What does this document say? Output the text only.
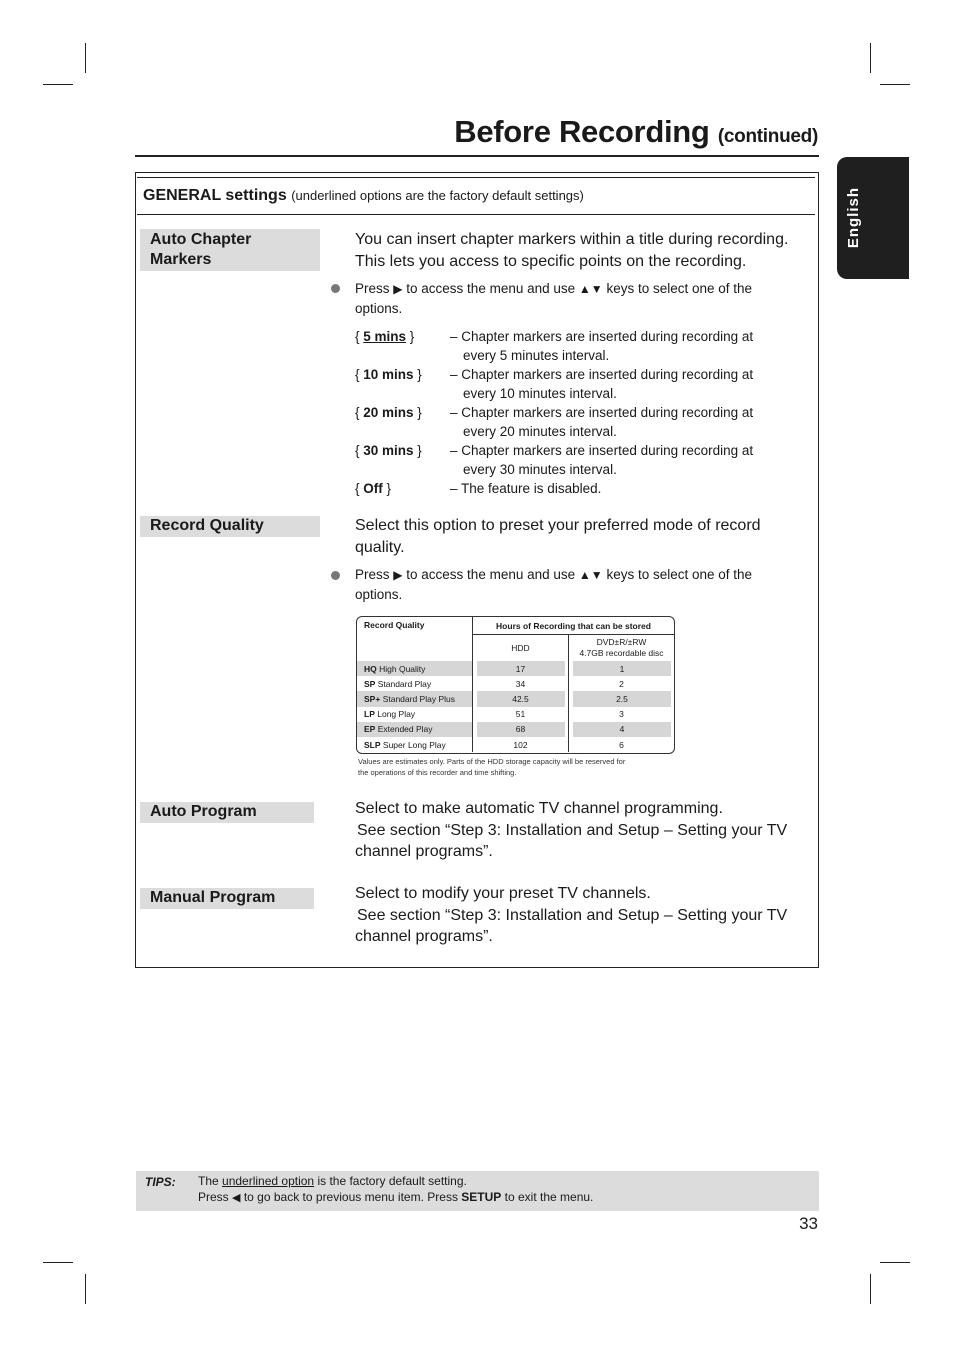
Before Recording (continued)
English
GENERAL settings (underlined options are the factory default settings)
Auto Chapter
Markers
You can insert chapter markers within a title during recording.
This lets you access to specific points on the recording.
Press ▶ to access the menu and use ▲▼ keys to select one of the
options.
{ 5 mins }	– Chapter markers are inserted during recording at
every 5 minutes interval.
{ 10 mins } – Chapter markers are inserted during recording at
every 10 minutes interval.
{ 20 mins } – Chapter markers are inserted during recording at
every 20 minutes interval.
{ 30 mins } – Chapter markers are inserted during recording at
every 30 minutes interval.
{ Off }	– The feature is disabled.
Record Quality	Select this option to preset your preferred mode of record
quality.
Press ▶ to access the menu and use ▲▼ keys to select one of the
options.
Record Quality	Hours of Recording that can be stored	
	HDD	DVD±R/±RW
4.7GB recordable disc
HQ High Quality	17	1
SP Standard Play	34	2
SP+ Standard Play Plus	42.5	2.5
LP Long Play	51	3
EP Extended Play	68	4
SLP Super Long Play	102	6
Values are estimates only. Parts of the HDD storage capacity will be reserved for
the operations of this recorder and time shifting.
Auto Program	Select to make automatic TV channel programming.
See section “Step 3: Installation and Setup – Setting your TV
channel programs”.
Manual Program	Select to modify your preset TV channels.
See section “Step 3: Installation and Setup – Setting your TV
channel programs”.
TIPS: The underlined option is the factory default setting.
Press ◀ to go back to previous menu item. Press SETUP to exit the menu.
33
